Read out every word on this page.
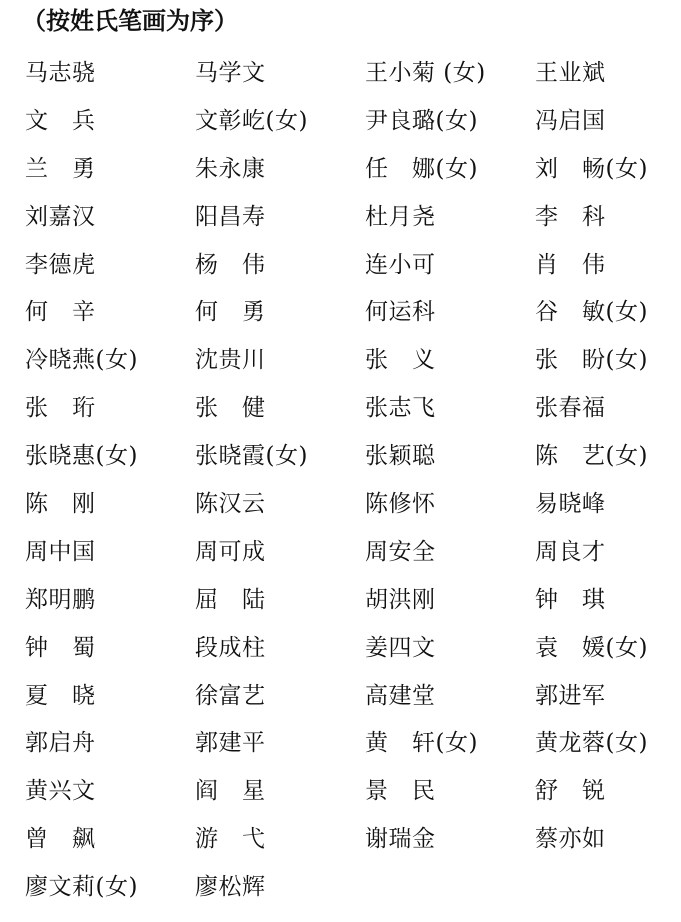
（按姓氏笔画为序）
马志骁	马学文	王小菊 (女)	王业斌
文　兵	文彰屹(女)	尹良璐(女)	冯启国
兰　勇	朱永康	任　娜(女)	刘　畅(女)
刘嘉汉	阳昌寿	杜月尧	李　科
李德虎	杨　伟	连小可	肖　伟
何　辛	何　勇	何运科	谷　敏(女)
冷晓燕(女)	沈贵川	张　义	张　盼(女)
张　珩	张　健	张志飞	张春福
张晓惠(女)	张晓霞(女)	张颖聪	陈　艺(女)
陈　刚	陈汉云	陈修怀	易晓峰
周中国	周可成	周安全	周良才
郑明鹏	屈　陆	胡洪刚	钟　琪
钟　蜀	段成柱	姜四文	袁　媛(女)
夏　晓	徐富艺	高建堂	郭进军
郭启舟	郭建平	黄　轩(女)	黄龙蓉(女)
黄兴文	阎　星	景　民	舒　锐
曾　飙	游　弋	谢瑞金	蔡亦如
廖文莉(女)	廖松辉
